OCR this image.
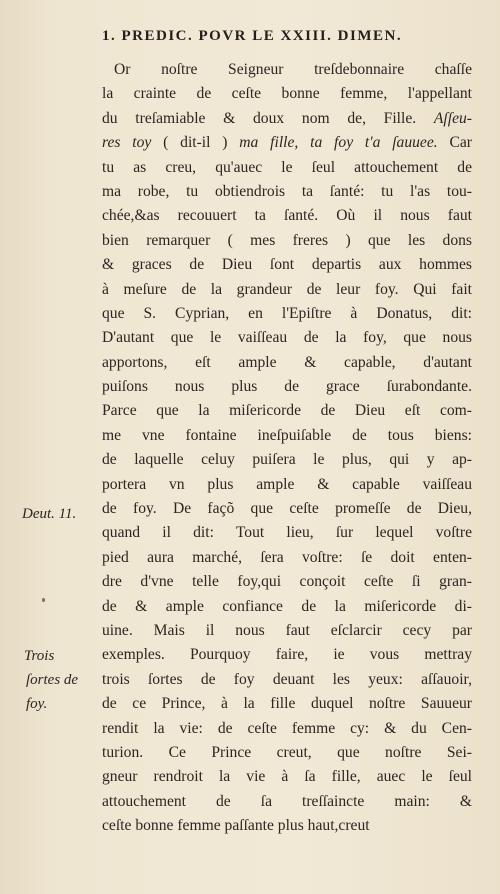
1. PREDIC. POVR LE XXIII. DIMEN.
Or noſtre Seigneur treſdebonnaire chaſſe
la crainte de ceſte bonne femme, l'appellant
du treſamiable & doux nom de, Fille. Aſſeu-
res toy ( dit-il ) ma fille, ta foy t'a ſauuee. Car
tu as creu, qu'auec le ſeul attouchement de
ma robe, tu obtiendrois ta ſanté: tu l'as tou-
chée,&as recouuert ta ſanté. Où il nous faut
bien remarquer ( mes freres ) que les dons
& graces de Dieu ſont departis aux hommes
à meſure de la grandeur de leur foy. Qui fait
que S. Cyprian, en l'Epiſtre à Donatus, dit:
D'autant que le vaiſſeau de la foy, que nous
apportons, eſt ample & capable, d'autant
puiſons nous plus de grace ſurabondante.
Parce que la miſericorde de Dieu eſt com-
me vne fontaine ineſpuiſable de tous biens:
de laquelle celuy puiſera le plus, qui y ap-
portera vn plus ample & capable vaiſſeau
de foy. De façõ que ceſte promeſſe de Dieu,
quand il dit: Tout lieu, ſur lequel voſtre
pied aura marché, ſera voſtre: ſe doit enten-
dre d'vne telle foy,qui conçoit ceſte ſi gran-
de & ample confiance de la miſericorde di-
uine. Mais il nous faut eſclarcir cecy par
exemples. Pourquoy faire, ie vous mettray
trois ſortes de foy deuant les yeux: aſſauoir,
de ce Prince, à la fille duquel noſtre Sauueur
rendit la vie: de ceſte femme cy: & du Cen-
turion. Ce Prince creut, que noſtre Sei-
gneur rendroit la vie à ſa fille, auec le ſeul
attouchement de ſa treſſaincte main: &
ceſte bonne femme paſſante plus haut,creut
Deut. 11.
Trois
ſortes de
foy.
